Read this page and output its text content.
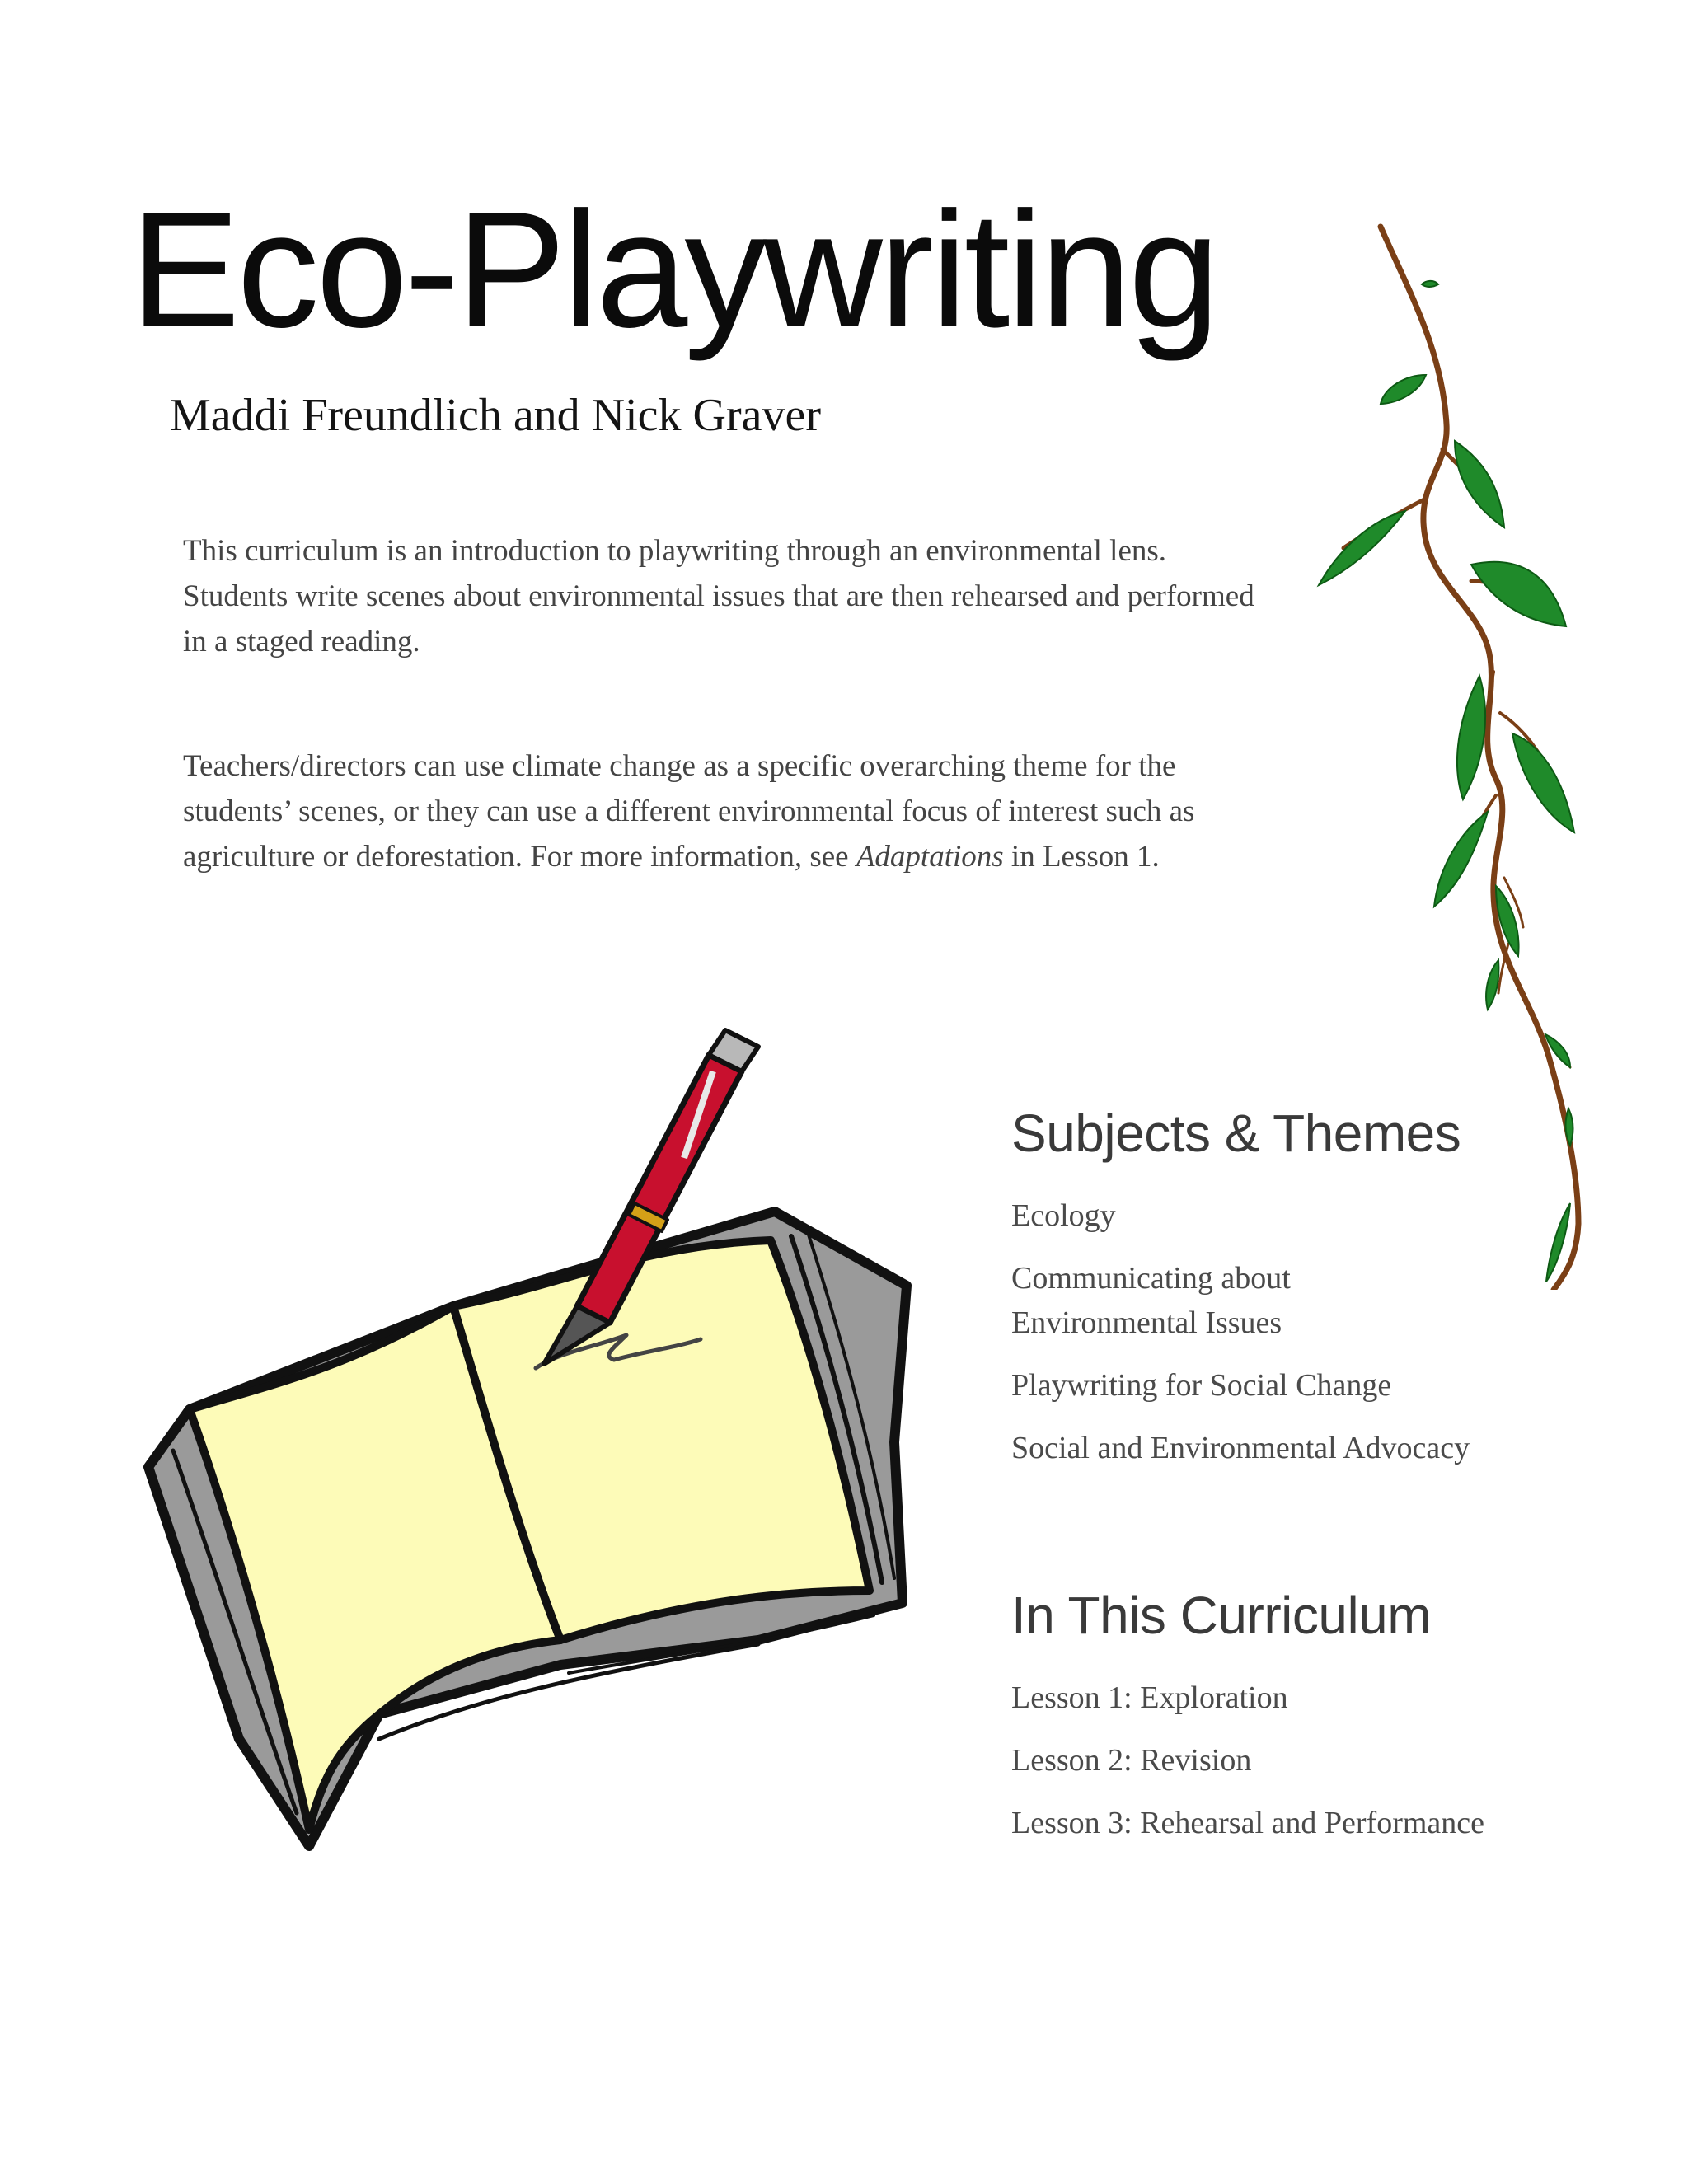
Eco-Playwriting

Maddi Freundlich and Nick Graver

This curriculum is an introduction to playwriting through an environmental lens. Students write scenes about environmental issues that are then rehearsed and performed in a staged reading.

Teachers/directors can use climate change as a specific overarching theme for the students’ scenes, or they can use a different environmental focus of interest such as agriculture or deforestation. For more information, see Adaptations in Lesson 1.

Subjects & Themes
Ecology
Communicating about Environmental Issues
Playwriting for Social Change
Social and Environmental Advocacy
In This Curriculum
Lesson 1: Exploration
Lesson 2: Revision
Lesson 3: Rehearsal and Performance
